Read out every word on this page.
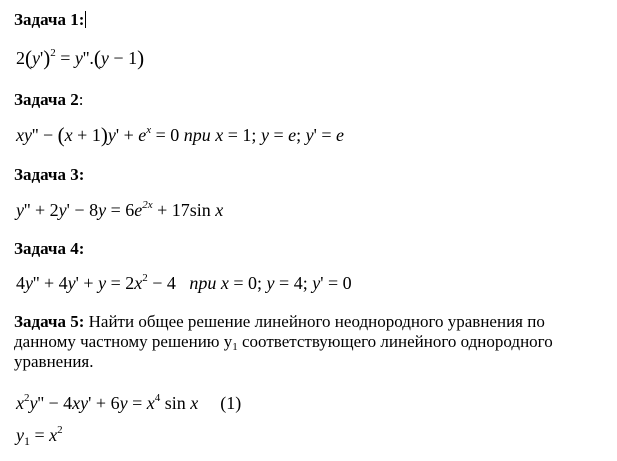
Задача 1:
$2(y')^2 = y''.(y - 1)$
Задача 2:
$xy'' - (x + 1)y' + e^x = 0$ при x = 1; y = e; y' = e
Задача 3:
$y'' + 2y' - 8y = 6e^{2x} + 17\sin$ x
Задача 4:
$4y'' + 4y' + y = 2x^2 - 4$ при x = 0; y = 4; y' = 0
Задача 5: Найти общее решение линейного неоднородного уравнения по данному частному решению $y_1$ соответствующего линейного однородного уравнения.
$x^2y'' - 4xy' + 6y = x^4$ sin x (1)
$y_1 = x^2$
